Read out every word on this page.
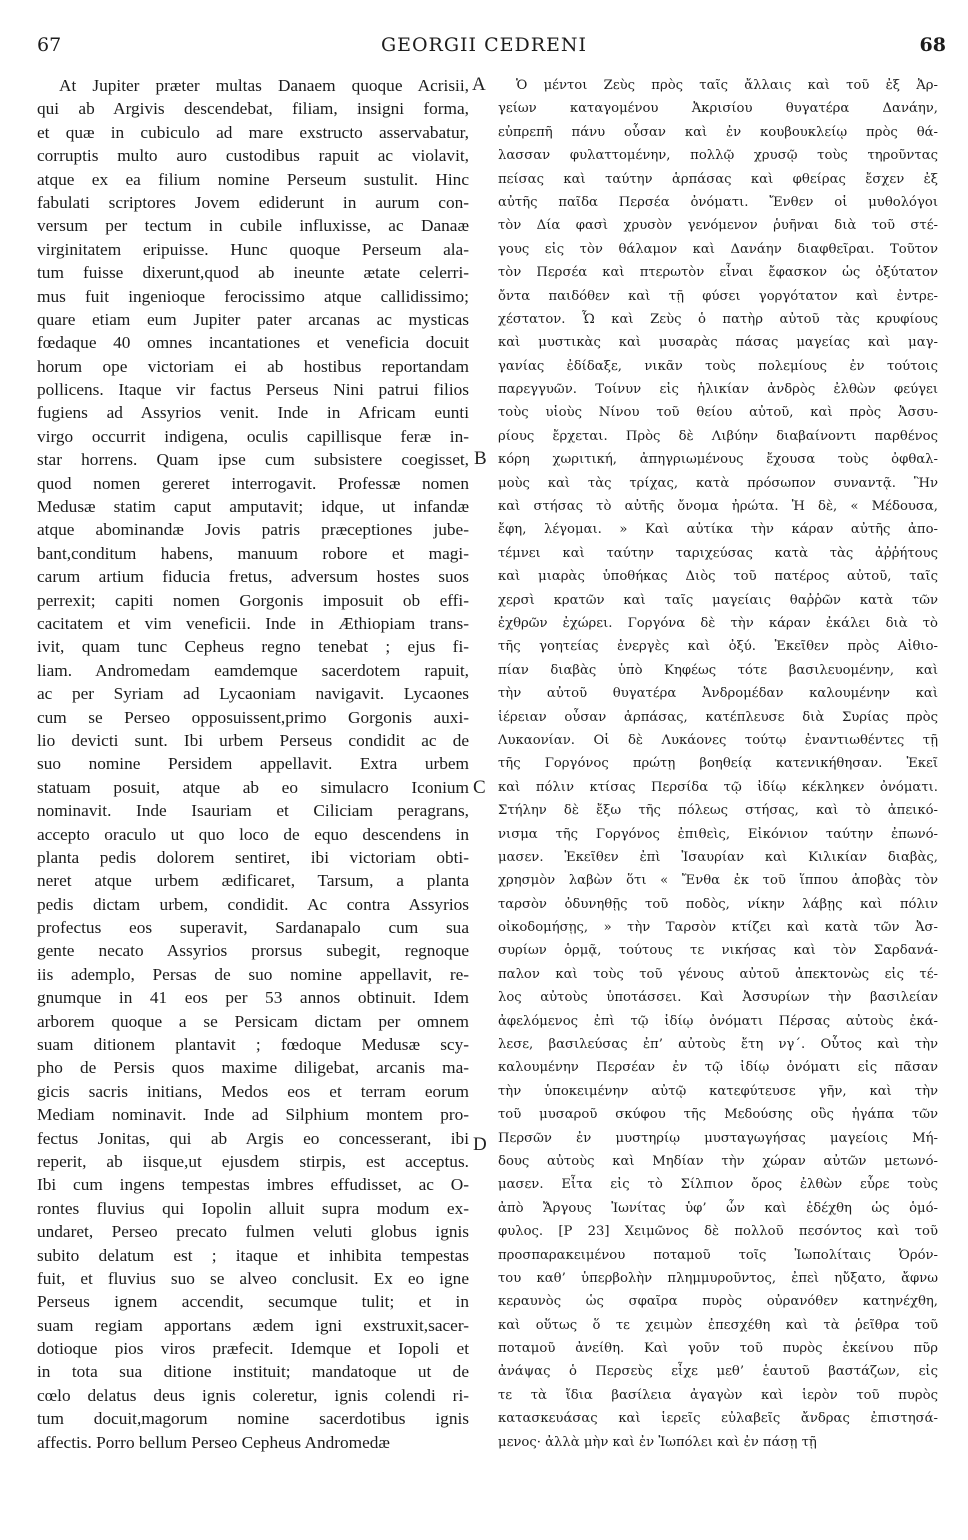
67	GEORGII CEDRENI	68
At Jupiter præter multas Danaem quoque Acrisii,
qui ab Argivis descendebat, filiam, insigni forma,
et quæ in cubiculo ad mare exstructo asservabatur,
corruptis multo auro custodibus rapuit ac violavit,
atque ex ea filium nomine Perseum sustulit. Hinc
fabulati scriptores Jovem ediderunt in aurum con-
versum per tectum in cubile influxisse, ac Danaæ
virginitatem eripuisse. Hunc quoque Perseum ala-
tum fuisse dixerunt,quod ab ineunte ætate celerri-
mus fuit ingenioque ferocissimo atque callidissimo;
quare etiam eum Jupiter pater arcanas ac mysticas
fœdaque 40 omnes incantationes et veneficia docuit
horum ope victoriam ei ab hostibus reportandam
pollicens. Itaque vir factus Perseus Nini patrui filios
fugiens ad Assyrios venit. Inde in Africam eunti
virgo occurrit indigena, oculis capillisque feræ in-
star horrens. Quam ipse cum subsistere coegisset,
quod nomen gereret interrogavit. Professæ nomen
Medusæ statim caput amputavit; idque, ut infandæ
atque abominandæ Jovis patris præceptiones jube-
bant,conditum habens, manuum robore et magi-
carum artium fiducia fretus, adversum hostes suos
perrexit; capiti nomen Gorgonis imposuit ob effi-
cacitatem et vim veneficii. Inde in Æthiopiam trans-
ivit, quam tunc Cepheus regno tenebat ; ejus fi-
liam. Andromedam eamdemque sacerdotem rapuit,
ac per Syriam ad Lycaoniam navigavit. Lycaones
cum se Perseo opposuissent,primo Gorgonis auxi-
lio devicti sunt. Ibi urbem Perseus condidit ac de
suo nomine Persidem appellavit. Extra urbem
statuam posuit, atque ab eo simulacro Iconium
nominavit. Inde Isauriam et Ciliciam peragrans,
accepto oraculo ut quo loco de equo descendens in
planta pedis dolorem sentiret, ibi victoriam obti-
neret atque urbem ædificaret, Tarsum, a planta
pedis dictam urbem, condidit. Ac contra Assyrios
profectus eos superavit, Sardanapalo cum sua
gente necato Assyrios prorsus subegit, regnoque
iis ademplo, Persas de suo nomine appellavit, re-
gnumque in 41 eos per 53 annos obtinuit. Idem
arborem quoque a se Persicam dictam per omnem
suam ditionem plantavit ; fœdoque Medusæ scy-
pho de Persis quos maxime diligebat, arcanis ma-
gicis sacris initians, Medos eos et terram eorum
Mediam nominavit. Inde ad Silphium montem pro-
fectus Jonitas, qui ab Argis eo concesserant, ibi
reperit, ab iisque,ut ejusdem stirpis, est acceptus.
Ibi cum ingens tempestas imbres effudisset, ac O-
rontes fluvius qui Iopolin alluit supra modum ex-
undaret, Perseo precato fulmen veluti globus ignis
subito delatum est ; itaque et inhibita tempestas
fuit, et fluvius suo se alveo conclusit. Ex eo igne
Perseus ignem accendit, secumque tulit; et in
suam regiam apportans ædem igni exstruxit,sacer-
dotioque pios viros præfecit. Idemque et Iopoli et
in tota sua ditione instituit; mandatoque ut de
cœlo delatus deus ignis coleretur, ignis colendi ri-
tum docuit,magorum nomine sacerdotibus ignis
affectis. Porro bellum Perseo Cepheus Andromedæ
Ὁ μέντοι Ζεὺς πρὸς ταῖς ἄλλαις καὶ τοῦ ἐξ Ἀρ-
γείων καταγομένου Ἀκρισίου θυγατέρα Δανάην,
εὐπρεπῆ πάνυ οὖσαν καὶ ἐν κουβουκλείῳ πρὸς θά-
λασσαν φυλαττομένην, πολλῷ χρυσῷ τοὺς τηροῦντας
πείσας καὶ ταύτην ἁρπάσας καὶ φθείρας ἔσχεν ἐξ
αὐτῆς παῖδα Περσέα ὀνόματι. Ἔνθεν οἱ μυθολόγοι
τὸν Δία φασὶ χρυσὸν γενόμενον ῥυῆναι διὰ τοῦ στέ-
γους εἰς τὸν θάλαμον καὶ Δανάην διαφθεῖραι. Τοῦτον
τὸν Περσέα καὶ πτερωτὸν εἶναι ἔφασκον ὡς ὀξύτατον
ὄντα παιδόθεν καὶ τῇ φύσει γοργότατον καὶ ἐντρε-
χέστατον. Ὧ καὶ Ζεὺς ὁ πατὴρ αὐτοῦ τὰς κρυφίους
καὶ μυστικὰς καὶ μυσαρὰς πάσας μαγείας καὶ μαγ-
γανίας ἐδίδαξε, νικᾶν τοὺς πολεμίους ἐν τούτοις
παρεγγυῶν. Τοίνυν εἰς ἡλικίαν ἀνδρὸς ἐλθὼν φεύγει
τοὺς υἱοὺς Νίνου τοῦ θείου αὐτοῦ, καὶ πρὸς Ἀσσυ-
ρίους ἔρχεται. Πρὸς δὲ Λιβύην διαβαίνοντι παρθένος
κόρη χωριτική, ἀπηγριωμένους ἔχουσα τοὺς ὀφθαλ-
μοὺς καὶ τὰς τρίχας, κατὰ πρόσωπον συναντᾷ. Ἣν
καὶ στήσας τὸ αὐτῆς ὄνομα ἠρώτα. Ἡ δὲ, « Μέδουσα,
ἔφη, λέγομαι. » Καὶ αὐτίκα τὴν κάραν αὐτῆς ἀπο-
τέμνει καὶ ταύτην ταριχεύσας κατὰ τὰς ἀῤῥήτους
καὶ μιαρὰς ὑποθήκας Διὸς τοῦ πατέρος αὐτοῦ, ταῖς
χερσὶ κρατῶν καὶ ταῖς μαγείαις θαῤῥῶν κατὰ τῶν
ἐχθρῶν ἐχώρει. Γοργόνα δὲ τὴν κάραν ἐκάλει διὰ τὸ
τῆς γοητείας ἐνεργὲς καὶ ὀξύ. Ἐκεῖθεν πρὸς Αἰθιο-
πίαν διαβὰς ὑπὸ Κηφέως τότε βασιλευομένην, καὶ
τὴν αὐτοῦ θυγατέρα Ἀνδρομέδαν καλουμένην καὶ
ἱέρειαν οὖσαν ἁρπάσας, κατέπλευσε διὰ Συρίας πρὸς
Λυκαονίαν. Οἱ δὲ Λυκάονες τούτῳ ἐναντιωθέντες τῇ
τῆς Γοργόνος πρώτῃ βοηθείᾳ κατενικήθησαν. Ἐκεῖ
καὶ πόλιν κτίσας Περσίδα τῷ ἰδίῳ κέκληκεν ὀνόματι.
Στήλην δὲ ἔξω τῆς πόλεως στήσας, καὶ τὸ ἀπεικό-
νισμα τῆς Γοργόνος ἐπιθεὶς, Εἰκόνιον ταύτην ἐπωνό-
μασεν. Ἐκεῖθεν ἐπὶ Ἰσαυρίαν καὶ Κιλικίαν διαβὰς,
χρησμὸν λαβὼν ὅτι « Ἔνθα ἐκ τοῦ ἵππου ἀποβὰς τὸν
ταρσὸν ὀδυνηθῇς τοῦ ποδὸς, νίκην λάβῃς καὶ πόλιν
οἰκοδομήσῃς, » τὴν Ταρσὸν κτίζει καὶ κατὰ τῶν Ἀσ-
συρίων ὁρμᾷ, τούτους τε νικήσας καὶ τὸν Σαρδανά-
παλον καὶ τοὺς τοῦ γένους αὐτοῦ ἀπεκτονὼς εἰς τέ-
λος αὐτοὺς ὑποτάσσει. Καὶ Ἀσσυρίων τὴν βασιλείαν
ἀφελόμενος ἐπὶ τῷ ἰδίῳ ὀνόματι Πέρσας αὐτοὺς ἐκά-
λεσε, βασιλεύσας ἐπ’ αὐτοὺς ἔτη νγ΄. Οὗτος καὶ τὴν
καλουμένην Περσέαν ἐν τῷ ἰδίῳ ὀνόματι εἰς πᾶσαν
τὴν ὑποκειμένην αὐτῷ κατεφύτευσε γῆν, καὶ τὴν
τοῦ μυσαροῦ σκύφου τῆς Μεδούσης οὓς ἠγάπα τῶν
Περσῶν ἐν μυστηρίῳ μυσταγωγήσας μαγείοις Μή-
δους αὐτοὺς καὶ Μηδίαν τὴν χώραν αὐτῶν μετωνό-
μασεν. Εἶτα εἰς τὸ Σίλπιον ὄρος ἐλθὼν εὗρε τοὺς
ἀπὸ Ἄργους Ἰωνίτας ὑφ’ ὧν καὶ ἐδέχθη ὡς ὁμό-
φυλος. [Ρ 23] Χειμῶνος δὲ πολλοῦ πεσόντος καὶ τοῦ
προσπαρακειμένου ποταμοῦ τοῖς Ἰωπολίταις Ὀρόν-
του καθ’ ὑπερβολὴν πλημμυροῦντος, ἐπεὶ ηὔξατο, ἄφνω
κεραυνὸς ὡς σφαῖρα πυρὸς οὐρανόθεν κατηνέχθη,
καὶ οὕτως ὅ τε χειμὼν ἐπεσχέθη καὶ τὰ ῥεῖθρα τοῦ
ποταμοῦ ἀνείθη. Καὶ γοῦν τοῦ πυρὸς ἐκείνου πῦρ
ἀνάψας ὁ Περσεὺς εἶχε μεθ’ ἑαυτοῦ βαστάζων, εἰς
τε τὰ ἴδια βασίλεια ἀγαγὼν καὶ ἱερὸν τοῦ πυρὸς
κατασκευάσας καὶ ἱερεῖς εὐλαβεῖς ἄνδρας ἐπιστησά-
μενος· ἀλλὰ μὴν καὶ ἐν Ἰωπόλει καὶ ἐν πάσῃ τῇ
A
B
C
D
